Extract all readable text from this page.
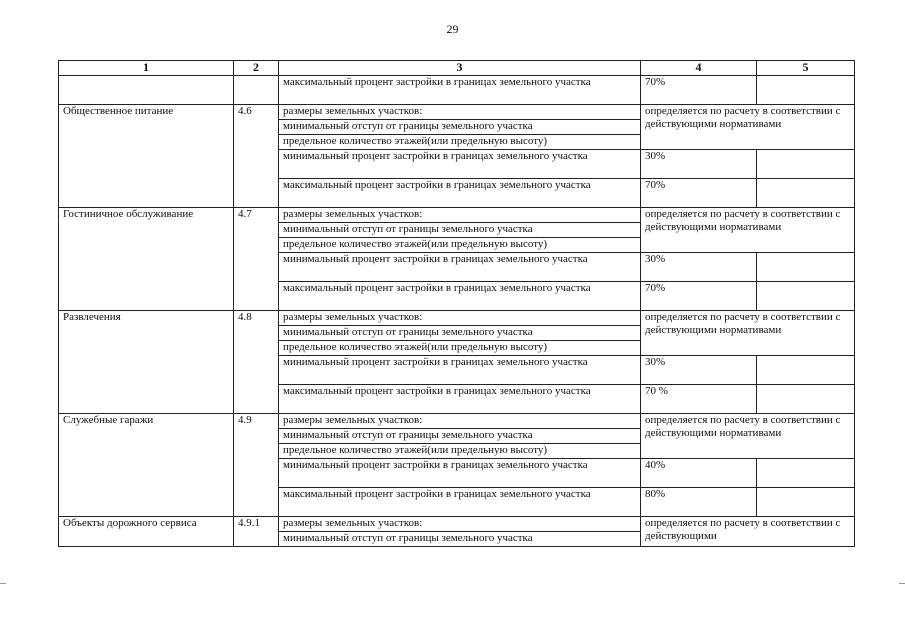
29
1	2	3	4	5
		максимальный процент застройки в границах земельного участка	70%	
Общественное питание	4.6	размеры земельных участков:	определяется по расчету в соответствии с действующими нормативами	
		минимальный отступ от границы земельного участка		
		предельное количество этажей(или предельную высоту)		
		минимальный процент застройки в границах земельного участка	30%	
		максимальный процент застройки в границах земельного участка	70%	
Гостиничное обслуживание	4.7	размеры земельных участков:	определяется по расчету в соответствии с действующими нормативами	
		минимальный отступ от границы земельного участка		
		предельное количество этажей(или предельную высоту)		
		минимальный процент застройки в границах земельного участка	30%	
		максимальный процент застройки в границах земельного участка	70%	
Развлечения	4.8	размеры земельных участков:	определяется по расчету в соответствии с действующими нормативами	
		минимальный отступ от границы земельного участка		
		предельное количество этажей(или предельную высоту)		
		минимальный процент застройки в границах земельного участка	30%	
		максимальный процент застройки в границах земельного участка	70 %	
Служебные гаражи	4.9	размеры земельных участков:	определяется по расчету в соответствии с действующими нормативами	
		минимальный отступ от границы земельного участка		
		предельное количество этажей(или предельную высоту)		
		минимальный процент застройки в границах земельного участка	40%	
		максимальный процент застройки в границах земельного участка	80%	
Объекты дорожного сервиса	4.9.1	размеры земельных участков:	определяется по расчету в соответствии с действующими	
		минимальный отступ от границы земельного участка		
